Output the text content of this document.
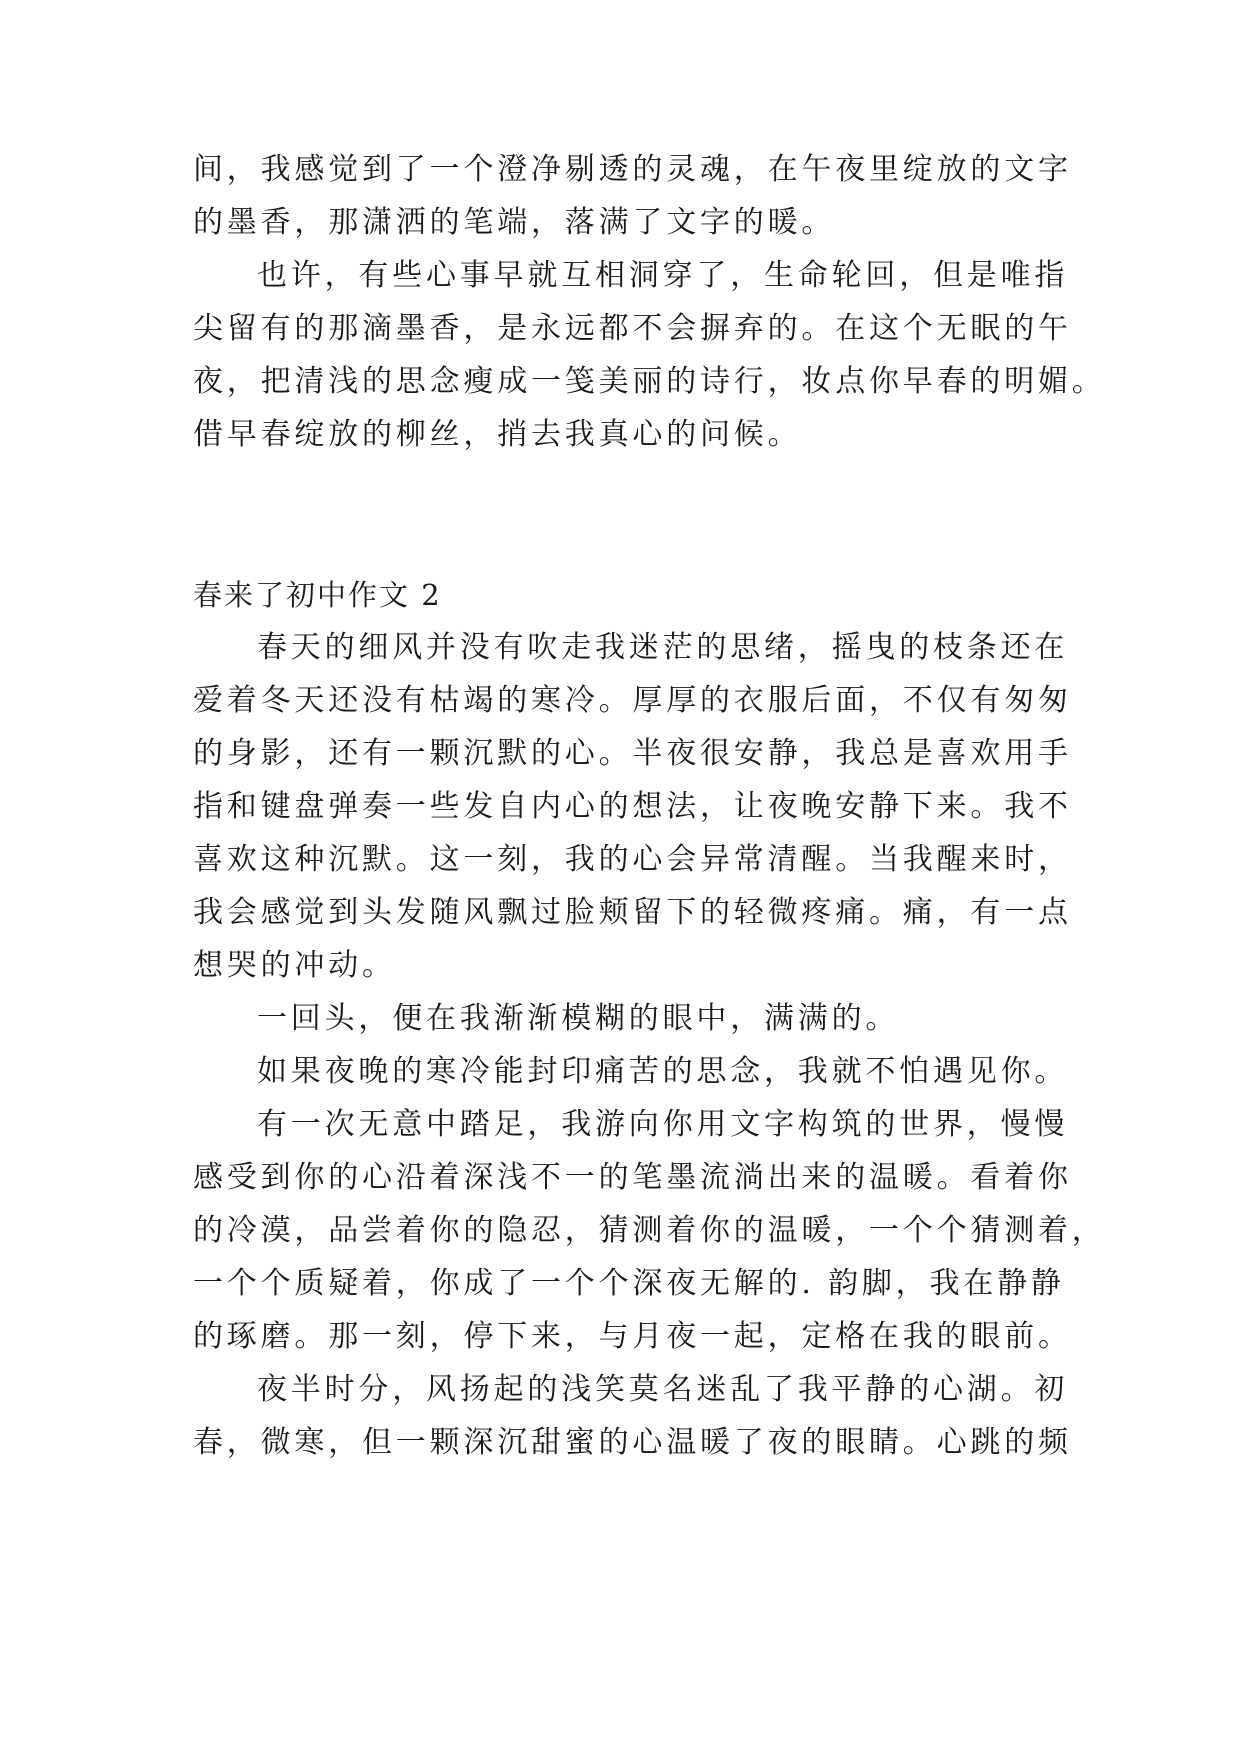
间，我感觉到了一个澄净剔透的灵魂，在午夜里绽放的文字
的墨香，那潇洒的笔端，落满了文字的暖。
也许，有些心事早就互相洞穿了，生命轮回，但是唯指
尖留有的那滴墨香，是永远都不会摒弃的。在这个无眠的午
夜，把清浅的思念瘦成一笺美丽的诗行，妆点你早春的明媚。
借早春绽放的柳丝，捎去我真心的问候。
春来了初中作文 2
春天的细风并没有吹走我迷茫的思绪，摇曳的枝条还在
爱着冬天还没有枯竭的寒冷。厚厚的衣服后面，不仅有匆匆
的身影，还有一颗沉默的心。半夜很安静，我总是喜欢用手
指和键盘弹奏一些发自内心的想法，让夜晚安静下来。我不
喜欢这种沉默。这一刻，我的心会异常清醒。当我醒来时，
我会感觉到头发随风飘过脸颊留下的轻微疼痛。痛，有一点
想哭的冲动。
一回头，便在我渐渐模糊的眼中，满满的。
如果夜晚的寒冷能封印痛苦的思念，我就不怕遇见你。
有一次无意中踏足，我游向你用文字构筑的世界，慢慢
感受到你的心沿着深浅不一的笔墨流淌出来的温暖。看着你
的冷漠，品尝着你的隐忍，猜测着你的温暖，一个个猜测着，
一个个质疑着，你成了一个个深夜无解的. 韵脚，我在静静
的琢磨。那一刻，停下来，与月夜一起，定格在我的眼前。
夜半时分，风扬起的浅笑莫名迷乱了我平静的心湖。初
春，微寒，但一颗深沉甜蜜的心温暖了夜的眼睛。心跳的频
